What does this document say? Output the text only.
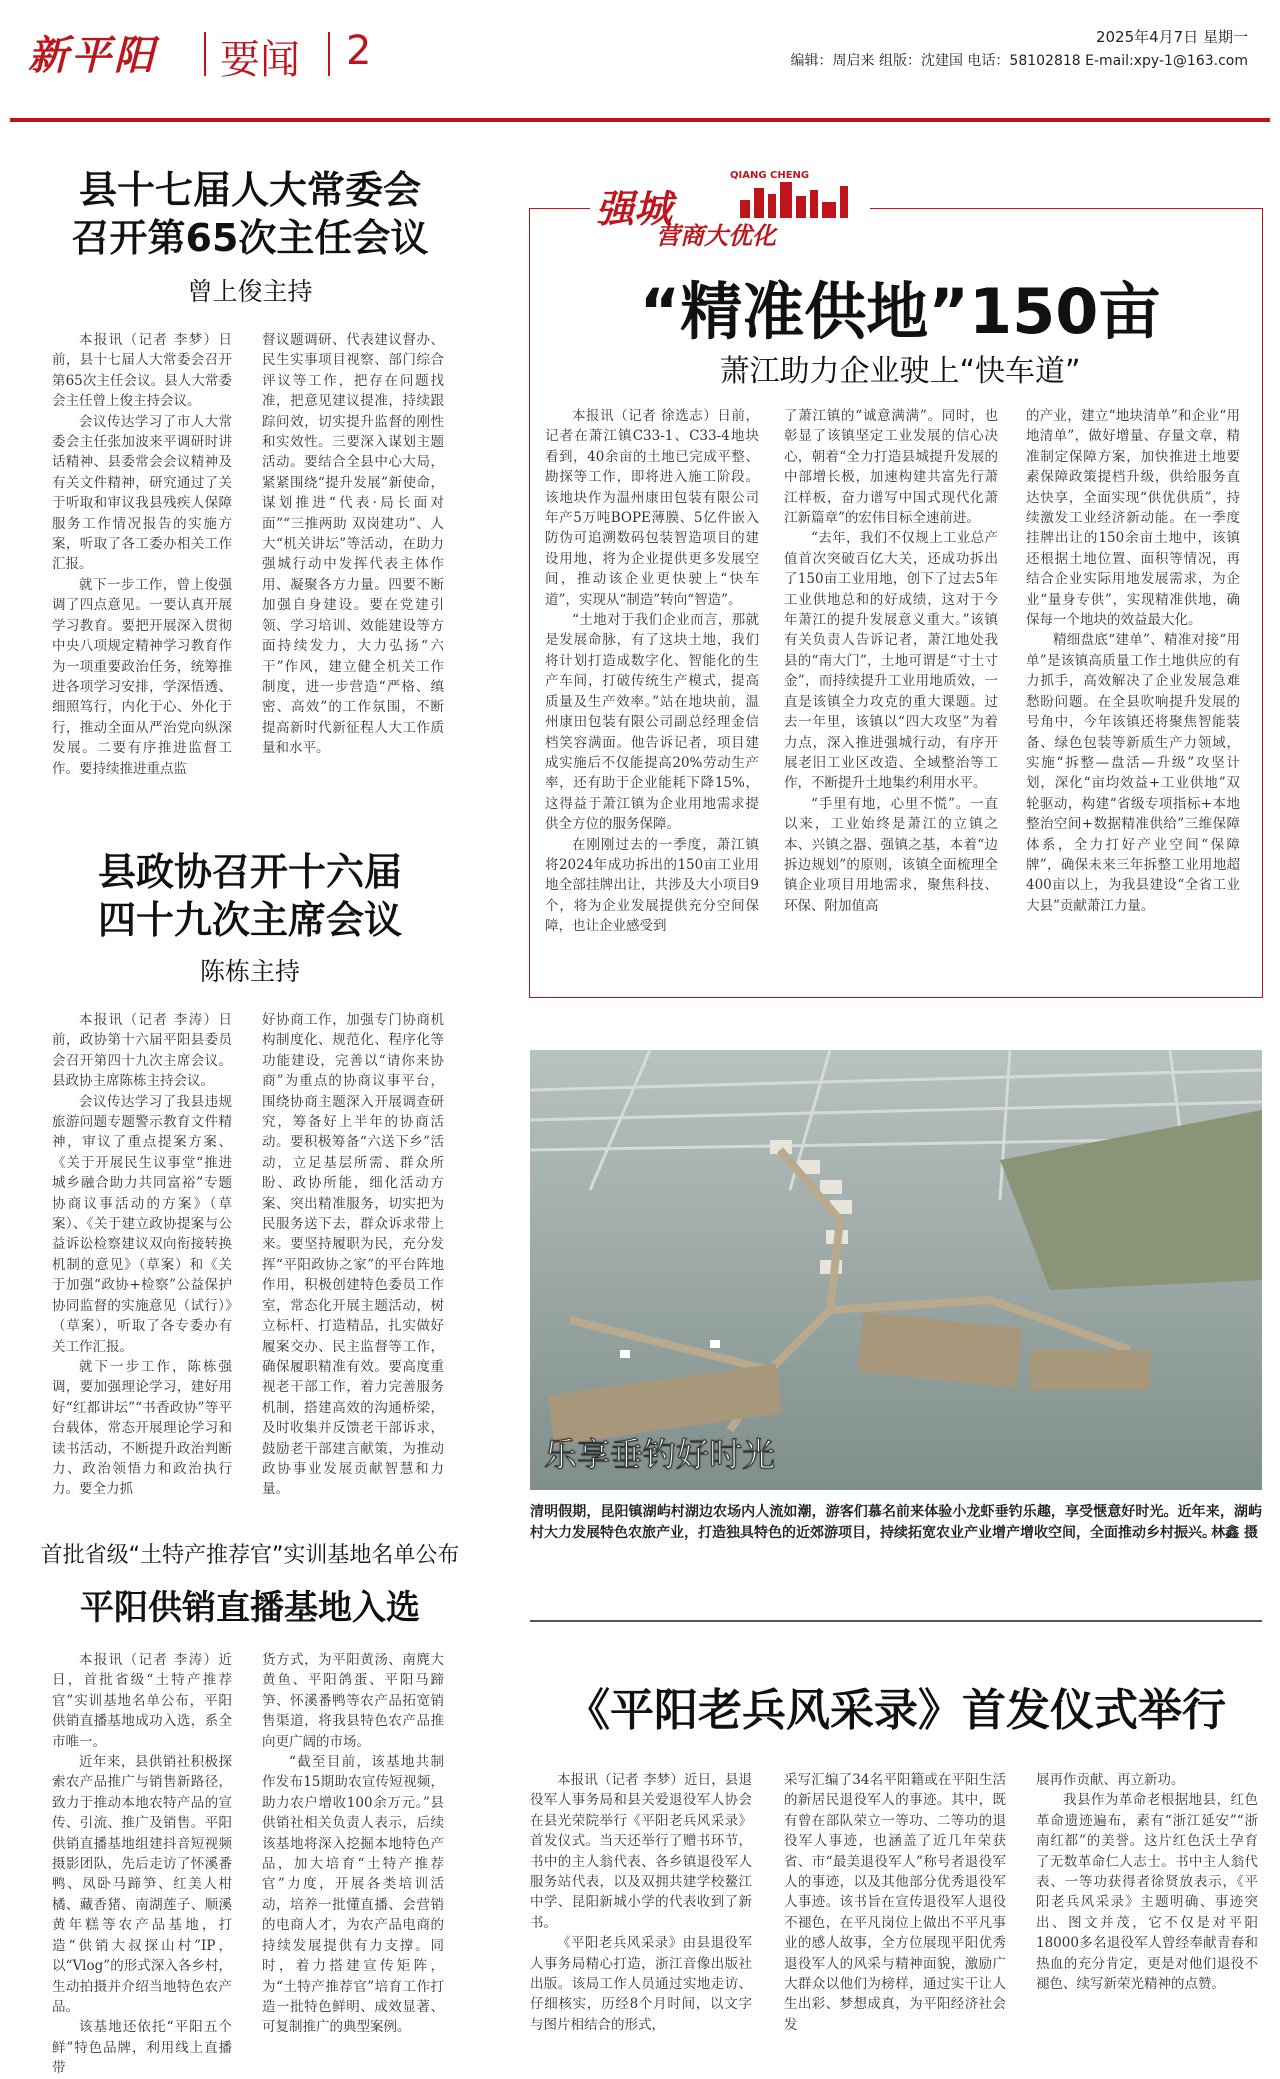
新平阳 要闻 2	2025年4月7日 星期一
编辑：周启来 组版：沈建国 电话：58102818 E-mail:xpy-1@163.com
县十七届人大常委会
召开第65次主任会议
曾上俊主持

本报讯（记者 李梦）日前，县十七届人大常委会召开第65次主任会议。县人大常委会主任曾上俊主持会议。

会议传达学习了市人大常委会主任张加波来平调研时讲话精神、县委常会会议精神及有关文件精神，研究通过了关于听取和审议我县残疾人保障服务工作情况报告的实施方案，听取了各工委办相关工作汇报。

就下一步工作，曾上俊强调了四点意见。一要认真开展学习教育。要把开展深入贯彻中央八项规定精神学习教育作为一项重要政治任务，统筹推进各项学习安排，学深悟透、细照笃行，内化于心、外化于行，推动全面从严治党向纵深发展。二要有序推进监督工作。要持续推进重点监

督议题调研、代表建议督办、民生实事项目视察、部门综合评议等工作，把存在问题找准，把意见建议提准，持续跟踪问效，切实提升监督的刚性和实效性。三要深入谋划主题活动。要结合全县中心大局，紧紧围绕“提升发展”新使命，谋划推进“代表·局长面对面”“三推两助 双岗建功”、人大“机关讲坛”等活动，在助力强城行动中发挥代表主体作用、凝聚各方力量。四要不断加强自身建设。要在党建引领、学习培训、效能建设等方面持续发力，大力弘扬“六干”作风，建立健全机关工作制度，进一步营造“严格、缜密、高效”的工作氛围，不断提高新时代新征程人大工作质量和水平。

县政协召开十六届
四十九次主席会议
陈栋主持

本报讯（记者 李涛）日前，政协第十六届平阳县委员会召开第四十九次主席会议。县政协主席陈栋主持会议。

会议传达学习了我县违规旅游问题专题警示教育文件精神，审议了重点提案方案、《关于开展民生议事堂“推进城乡融合助力共同富裕”专题协商议事活动的方案》（草案）、《关于建立政协提案与公益诉讼检察建议双向衔接转换机制的意见》（草案）和《关于加强“政协+检察”公益保护协同监督的实施意见（试行）》（草案），听取了各专委办有关工作汇报。

就下一步工作，陈栋强调，要加强理论学习，建好用好“红都讲坛”“书香政协”等平台载体，常态开展理论学习和读书活动，不断提升政治判断力、政治领悟力和政治执行力。要全力抓

好协商工作，加强专门协商机构制度化、规范化、程序化等功能建设，完善以“请你来协商”为重点的协商议事平台，围绕协商主题深入开展调查研究，筹备好上半年的协商活动。要积极筹备“六送下乡”活动，立足基层所需、群众所盼、政协所能，细化活动方案、突出精准服务，切实把为民服务送下去，群众诉求带上来。要坚持履职为民，充分发挥“平阳政协之家”的平台阵地作用，积极创建特色委员工作室，常态化开展主题活动，树立标杆、打造精品，扎实做好履案交办、民主监督等工作，确保履职精准有效。要高度重视老干部工作，着力完善服务机制，搭建高效的沟通桥梁，及时收集并反馈老干部诉求，鼓励老干部建言献策，为推动政协事业发展贡献智慧和力量。

首批省级“土特产推荐官”实训基地名单公布
平阳供销直播基地入选

本报讯（记者 李涛）近日，首批省级“土特产推荐官”实训基地名单公布，平阳供销直播基地成功入选，系全市唯一。

近年来，县供销社积极探索农产品推广与销售新路径，致力于推动本地农特产品的宣传、引流、推广及销售。平阳供销直播基地组建抖音短视频摄影团队，先后走访了怀溪番鸭、凤卧马蹄笋、红美人柑橘、藏香猪、南湖莲子、顺溪黄年糕等农产品基地，打造“供销大叔探山村”IP，以“Vlog”的形式深入各乡村，生动拍摄并介绍当地特色农产品。

该基地还依托“平阳五个鲜”特色品牌，利用线上直播带

货方式，为平阳黄汤、南麂大黄鱼、平阳鸽蛋、平阳马蹄笋、怀溪番鸭等农产品拓宽销售渠道，将我县特色农产品推向更广阔的市场。

“截至目前，该基地共制作发布15期助农宣传短视频，助力农户增收100余万元。”县供销社相关负责人表示，后续该基地将深入挖掘本地特色产品，加大培育“土特产推荐官”力度，开展各类培训活动，培养一批懂直播、会营销的电商人才，为农产品电商的持续发展提供有力支撑。同时，着力搭建宣传矩阵，为“土特产推荐官”培育工作打造一批特色鲜明、成效显著、可复制推广的典型案例。

QIANG CHENG
强城
营商大优化
“精准供地”150亩
萧江助力企业驶上“快车道”

本报讯（记者 徐选志）日前，记者在萧江镇C33-1、C33-4地块看到，40余亩的土地已完成平整、勘探等工作，即将进入施工阶段。该地块作为温州康田包装有限公司年产5万吨BOPE薄膜、5亿件嵌入防伪可追溯数码包装智造项目的建设用地，将为企业提供更多发展空间，推动该企业更快驶上“快车道”，实现从“制造”转向“智造”。

“土地对于我们企业而言，那就是发展命脉，有了这块土地，我们将计划打造成数字化、智能化的生产车间，打破传统生产模式，提高质量及生产效率。”站在地块前，温州康田包装有限公司副总经理金信档笑容满面。他告诉记者，项目建成实施后不仅能提高20%劳动生产率，还有助于企业能耗下降15%，这得益于萧江镇为企业用地需求提供全方位的服务保障。

在刚刚过去的一季度，萧江镇将2024年成功拆出的150亩工业用地全部挂牌出让，共涉及大小项目9个，将为企业发展提供充分空间保障，也让企业感受到

了萧江镇的“诚意满满”。同时，也彰显了该镇坚定工业发展的信心决心，朝着“全力打造县城提升发展的中部增长极，加速构建共富先行萧江样板，奋力谱写中国式现代化萧江新篇章”的宏伟目标全速前进。

“去年，我们不仅规上工业总产值首次突破百亿大关，还成功拆出了150亩工业用地，创下了过去5年工业供地总和的好成绩，这对于今年萧江的提升发展意义重大。”该镇有关负责人告诉记者，萧江地处我县的“南大门”，土地可谓是“寸土寸金”，而持续提升工业用地质效，一直是该镇全力攻克的重大课题。过去一年里，该镇以“四大攻坚”为着力点，深入推进强城行动，有序开展老旧工业区改造、全域整治等工作，不断提升土地集约利用水平。

“手里有地，心里不慌”。一直以来，工业始终是萧江的立镇之本、兴镇之器、强镇之基，本着“边拆边规划”的原则，该镇全面梳理全镇企业项目用地需求，聚焦科技、环保、附加值高

的产业，建立“地块清单”和企业“用地清单”，做好增量、存量文章，精准制定保障方案，加快推进土地要素保障政策提档升级，供给服务直达快享，全面实现“供优供质”，持续激发工业经济新动能。在一季度挂牌出让的150余亩土地中，该镇还根据土地位置、面积等情况，再结合企业实际用地发展需求，为企业“量身专供”，实现精准供地，确保每一个地块的效益最大化。

精细盘底“建单”、精准对接“用单”是该镇高质量工作土地供应的有力抓手，高效解决了企业发展急难愁盼问题。在全县吹响提升发展的号角中，今年该镇还将聚焦智能装备、绿色包装等新质生产力领域，实施“拆整—盘活—升级”攻坚计划，深化“亩均效益+工业供地”双轮驱动，构建“省级专项指标+本地整治空间+数据精准供给”三维保障体系，全力打好产业空间“保障牌”，确保未来三年拆整工业用地超400亩以上，为我县建设“全省工业大县”贡献萧江力量。

乐享垂钓好时光
清明假期，昆阳镇湖屿村湖边农场内人流如潮，游客们慕名前来体验小龙虾垂钓乐趣，享受惬意好时光。近年来，湖屿村大力发展特色农旅产业，打造独具特色的近郊游项目，持续拓宽农业产业增产增收空间，全面推动乡村振兴。
林鑫 摄
《平阳老兵风采录》首发仪式举行

本报讯（记者 李梦）近日，县退役军人事务局和县关爱退役军人协会在县光荣院举行《平阳老兵风采录》首发仪式。当天还举行了赠书环节，书中的主人翁代表、各乡镇退役军人服务站代表，以及双拥共建学校鳌江中学、昆阳新城小学的代表收到了新书。

《平阳老兵风采录》由县退役军人事务局精心打造，浙江音像出版社出版。该局工作人员通过实地走访、仔细核实，历经8个月时间，以文字与图片相结合的形式，

采写汇编了34名平阳籍或在平阳生活的新居民退役军人的事迹。其中，既有曾在部队荣立一等功、二等功的退役军人事迹，也涵盖了近几年荣获省、市“最美退役军人”称号者退役军人的事迹，以及其他部分优秀退役军人事迹。该书旨在宣传退役军人退役不褪色，在平凡岗位上做出不平凡事业的感人故事，全方位展现平阳优秀退役军人的风采与精神面貌，激励广大群众以他们为榜样，通过实干让人生出彩、梦想成真，为平阳经济社会发

展再作贡献、再立新功。

我县作为革命老根据地县，红色革命遗迹遍布，素有“浙江延安”“浙南红都”的美誉。这片红色沃土孕育了无数革命仁人志士。书中主人翁代表、一等功获得者徐贤放表示，《平阳老兵风采录》主题明确、事迹突出、图文并茂，它不仅是对平阳18000多名退役军人曾经奉献青春和热血的充分肯定，更是对他们退役不褪色、续写新荣光精神的点赞。
